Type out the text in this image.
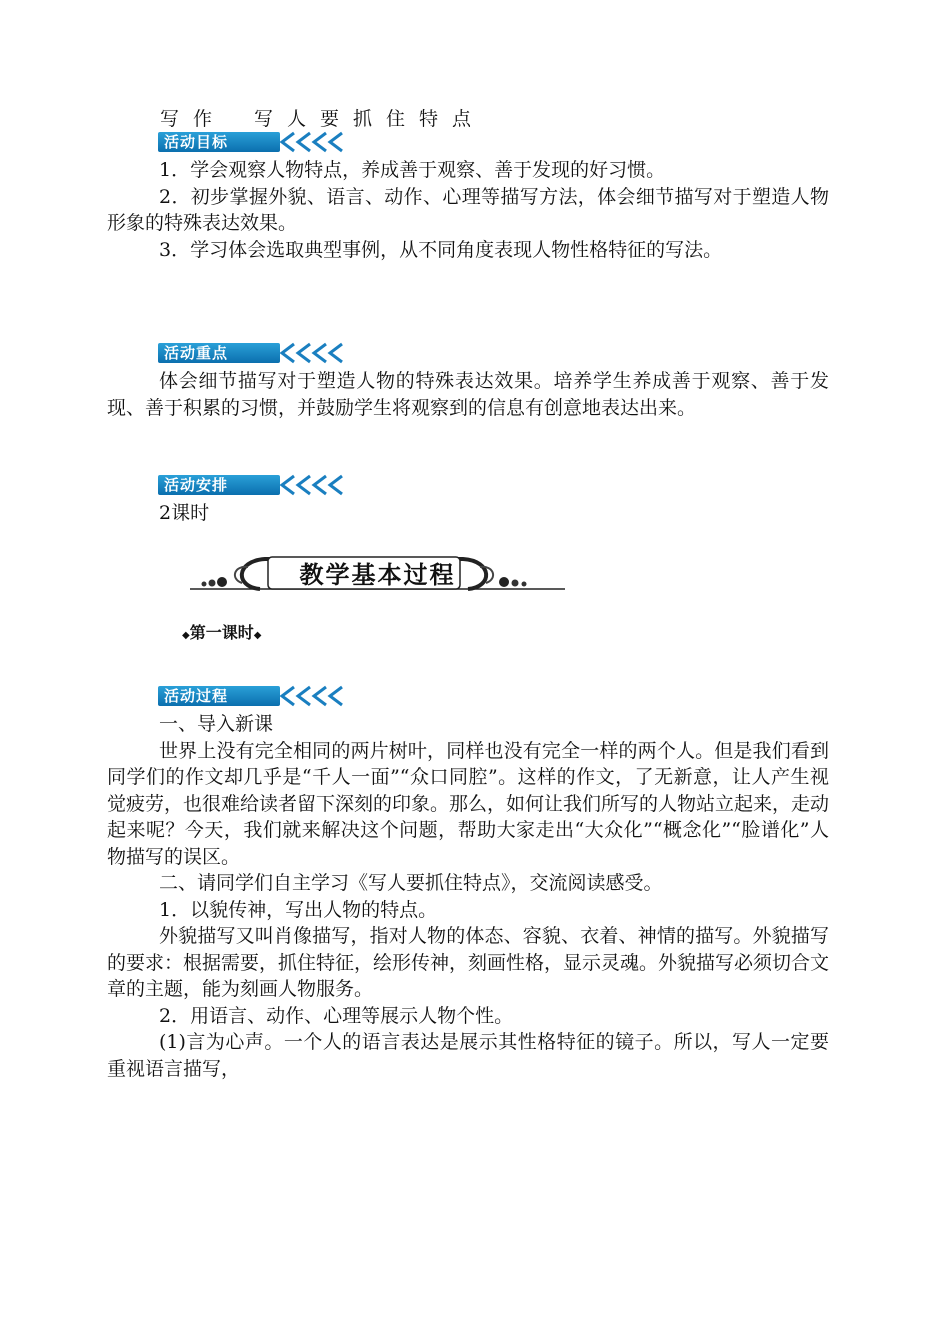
写作 写人要抓住特点
活动目标

1．学会观察人物特点，养成善于观察、善于发现的好习惯。

2．初步掌握外貌、语言、动作、心理等描写方法，体会细节描写对于塑造人物形象的特殊表达效果。

3．学习体会选取典型事例，从不同角度表现人物性格特征的写法。

活动重点

体会细节描写对于塑造人物的特殊表达效果。培养学生养成善于观察、善于发现、善于积累的习惯，并鼓励学生将观察到的信息有创意地表达出来。

活动安排

2课时

教学基本过程
◆第一课时◆
活动过程

一、导入新课

世界上没有完全相同的两片树叶，同样也没有完全一样的两个人。但是我们看到同学们的作文却几乎是“千人一面”“众口同腔”。这样的作文，了无新意，让人产生视觉疲劳，也很难给读者留下深刻的印象。那么，如何让我们所写的人物站立起来，走动起来呢？今天，我们就来解决这个问题，帮助大家走出“大众化”“概念化”“脸谱化”人物描写的误区。

二、请同学们自主学习《写人要抓住特点》，交流阅读感受。

1．以貌传神，写出人物的特点。

外貌描写又叫肖像描写，指对人物的体态、容貌、衣着、神情的描写。外貌描写的要求：根据需要，抓住特征，绘形传神，刻画性格，显示灵魂。外貌描写必须切合文章的主题，能为刻画人物服务。

2．用语言、动作、心理等展示人物个性。

(1)言为心声。一个人的语言表达是展示其性格特征的镜子。所以，写人一定要重视语言描写，
